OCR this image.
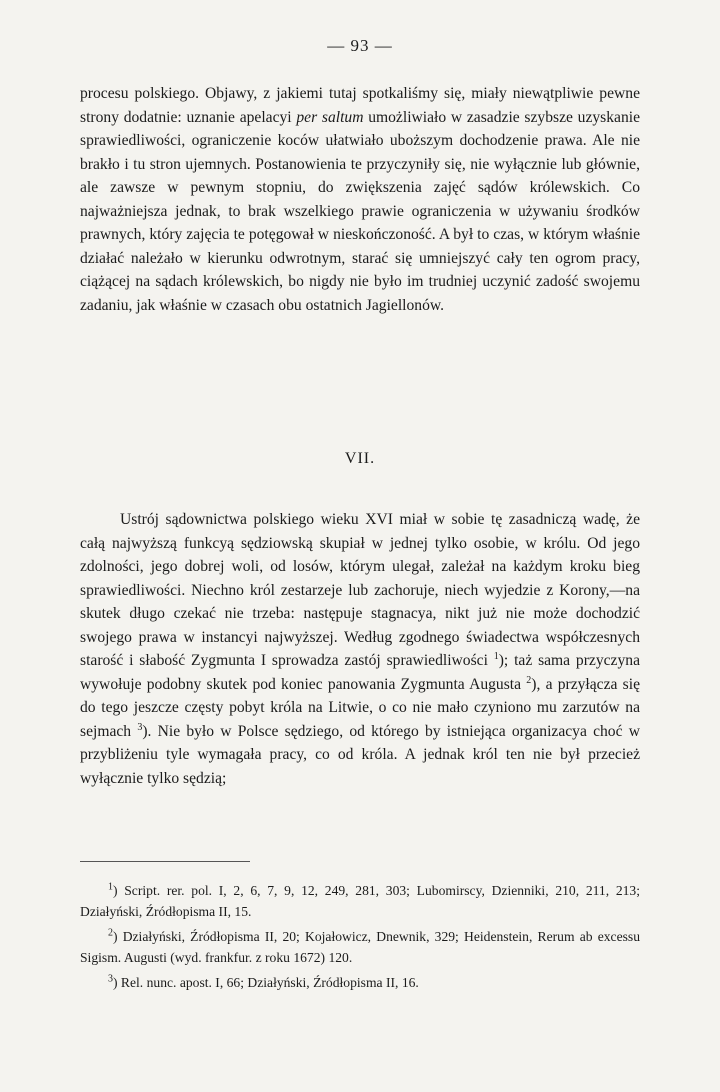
— 93 —
procesu polskiego. Objawy, z jakiemi tutaj spotkaliśmy się, miały niewątpliwie pewne strony dodatnie: uznanie apelacyi per saltum umożliwiało w zasadzie szybsze uzyskanie sprawiedliwości, ograniczenie koców ułatwiało uboższym dochodzenie prawa. Ale nie brakło i tu stron ujemnych. Postanowienia te przyczyniły się, nie wyłącznie lub głównie, ale zawsze w pewnym stopniu, do zwiększenia zajęć sądów królewskich. Co najważniejsza jednak, to brak wszelkiego prawie ograniczenia w używaniu środków prawnych, który zajęcia te potęgował w nieskończoność. A był to czas, w którym właśnie działać należało w kierunku odwrotnym, starać się umniejszyć cały ten ogrom pracy, ciążącej na sądach królewskich, bo nigdy nie było im trudniej uczynić zadość swojemu zadaniu, jak właśnie w czasach obu ostatnich Jagiellonów.
VII.
Ustrój sądownictwa polskiego wieku XVI miał w sobie tę zasadniczą wadę, że całą najwyższą funkcyą sędziowską skupiał w jednej tylko osobie, w królu. Od jego zdolności, jego dobrej woli, od losów, którym ulegał, zależał na każdym kroku bieg sprawiedliwości. Niechno król zestarzeje lub zachoruje, niech wyjedzie z Korony,—na skutek długo czekać nie trzeba: następuje stagnacya, nikt już nie może dochodzić swojego prawa w instancyi najwyższej. Według zgodnego świadectwa współczesnych starość i słabość Zygmunta I sprowadza zastój sprawiedliwości $^1$); taż sama przyczyna wywołuje podobny skutek pod koniec panowania Zygmunta Augusta $^2$), a przyłącza się do tego jeszcze częsty pobyt króla na Litwie, o co nie mało czyniono mu zarzutów na sejmach $^3$). Nie było w Polsce sędziego, od którego by istniejąca organizacya choć w przybliżeniu tyle wymagała pracy, co od króla. A jednak król ten nie był przecież wyłącznie tylko sędzią;

$^1$) Script. rer. pol. I, 2, 6, 7, 9, 12, 249, 281, 303; Lubomirscy, Dzienniki, 210, 211, 213; Działyński, Źródłopisma II, 15.

$^2$) Działyński, Źródłopisma II, 20; Kojałowicz, Dnewnik, 329; Heidenstein, Rerum ab excessu Sigism. Augusti (wyd. frankfur. z roku 1672) 120.

$^3$) Rel. nunc. apost. I, 66; Działyński, Źródłopisma II, 16.
